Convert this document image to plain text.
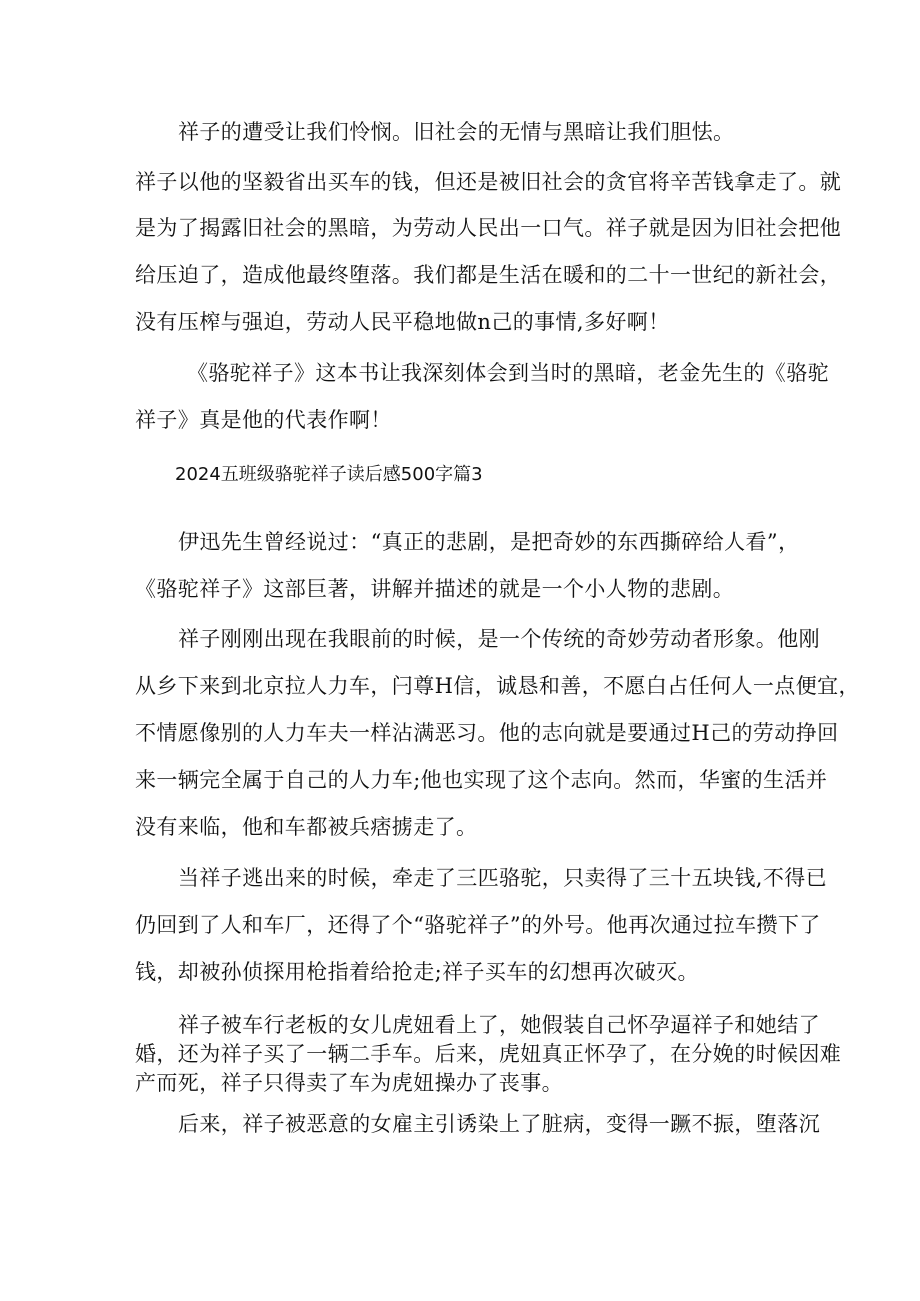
祥子的遭受让我们怜悯。旧社会的无情与黑暗让我们胆怯。
祥子以他的坚毅省出买车的钱，但还是被旧社会的贪官将辛苦钱拿走了。就
是为了揭露旧社会的黑暗，为劳动人民出一口气。祥子就是因为旧社会把他
给压迫了，造成他最终堕落。我们都是生活在暖和的二十一世纪的新社会，
没有压榨与强迫，劳动人民平稳地做n己的事情,多好啊！
《骆驼祥子》这本书让我深刻体会到当时的黑暗，老金先生的《骆驼
祥子》真是他的代表作啊！
2024五班级骆驼祥子读后感500字篇3
伊迅先生曾经说过：“真正的悲剧，是把奇妙的东西撕碎给人看”，
《骆驼祥子》这部巨著，讲解并描述的就是一个小人物的悲剧。
祥子刚刚出现在我眼前的时候，是一个传统的奇妙劳动者形象。他刚
从乡下来到北京拉人力车，闩尊H信，诚恳和善，不愿白占任何人一点便宜，
不情愿像别的人力车夫一样沾满恶习。他的志向就是要通过H己的劳动挣回
来一辆完全属于自己的人力车;他也实现了这个志向。然而，华蜜的生活并
没有来临，他和车都被兵痞掳走了。
当祥子逃出来的时候，牵走了三匹骆驼，只卖得了三十五块钱,不得已
仍回到了人和车厂，还得了个“骆驼祥子”的外号。他再次通过拉车攒下了
钱，却被孙侦探用枪指着给抢走;祥子买车的幻想再次破灭。
祥子被车行老板的女儿虎妞看上了，她假装自己怀孕逼祥子和她结了
婚，还为祥子买了一辆二手车。后来，虎妞真正怀孕了，在分娩的时候因难
产而死，祥子只得卖了车为虎妞操办了丧事。
后来，祥子被恶意的女雇主引诱染上了脏病，变得一蹶不振，堕落沉
